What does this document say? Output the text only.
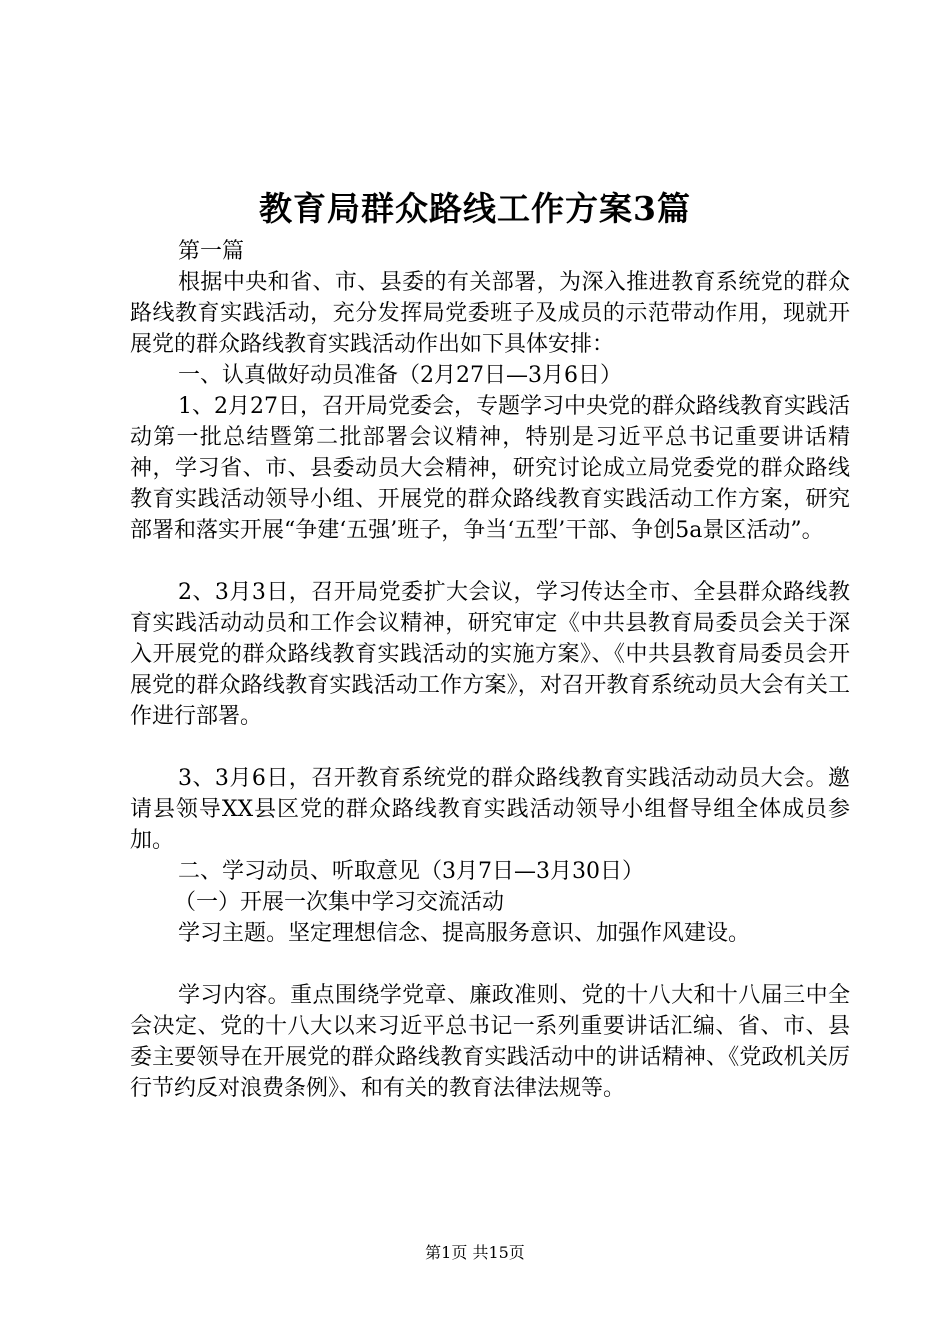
教育局群众路线工作方案3篇

第一篇

根据中央和省、市、县委的有关部署，为深入推进教育系统党的群众路线教育实践活动，充分发挥局党委班子及成员的示范带动作用，现就开展党的群众路线教育实践活动作出如下具体安排：

一、认真做好动员准备（2月27日—3月6日）

1、2月27日，召开局党委会，专题学习中央党的群众路线教育实践活动第一批总结暨第二批部署会议精神，特别是习近平总书记重要讲话精神，学习省、市、县委动员大会精神，研究讨论成立局党委党的群众路线教育实践活动领导小组、开展党的群众路线教育实践活动工作方案，研究部署和落实开展“争建‘五强’班子，争当‘五型’干部、争创5a景区活动”。

2、3月3日，召开局党委扩大会议，学习传达全市、全县群众路线教育实践活动动员和工作会议精神，研究审定《中共县教育局委员会关于深入开展党的群众路线教育实践活动的实施方案》、《中共县教育局委员会开展党的群众路线教育实践活动工作方案》，对召开教育系统动员大会有关工作进行部署。

3、3月6日，召开教育系统党的群众路线教育实践活动动员大会。邀请县领导XX县区党的群众路线教育实践活动领导小组督导组全体成员参加。

二、学习动员、听取意见（3月7日—3月30日）

（一）开展一次集中学习交流活动

学习主题。坚定理想信念、提高服务意识、加强作风建设。

学习内容。重点围绕学党章、廉政准则、党的十八大和十八届三中全会决定、党的十八大以来习近平总书记一系列重要讲话汇编、省、市、县委主要领导在开展党的群众路线教育实践活动中的讲话精神、《党政机关厉行节约反对浪费条例》、和有关的教育法律法规等。

第1页 共15页
